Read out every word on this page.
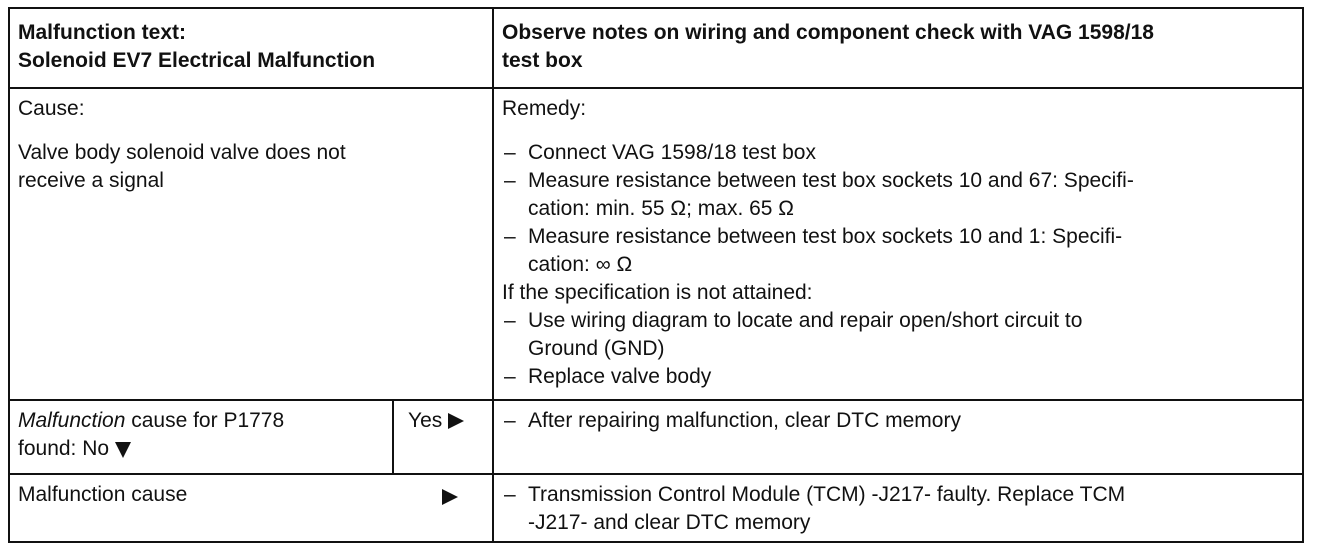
Malfunction text:
Solenoid EV7 Electrical Malfunction
Observe notes on wiring and component check with VAG 1598/18
test box
Cause:
Valve body solenoid valve does not
receive a signal
Remedy:
– Connect VAG 1598/18 test box
– Measure resistance between test box sockets 10 and 67: Specifi-
cation: min. 55 Ω; max. 65 Ω
– Measure resistance between test box sockets 10 and 1: Specifi-
cation: ∞ Ω
If the specification is not attained:
– Use wiring diagram to locate and repair open/short circuit to
Ground (GND)
– Replace valve body
Malfunction cause for P1778
found: No
Yes	– After repairing malfunction, clear DTC memory
Malfunction cause	– Transmission Control Module (TCM) -J217- faulty. Replace TCM
-J217- and clear DTC memory
